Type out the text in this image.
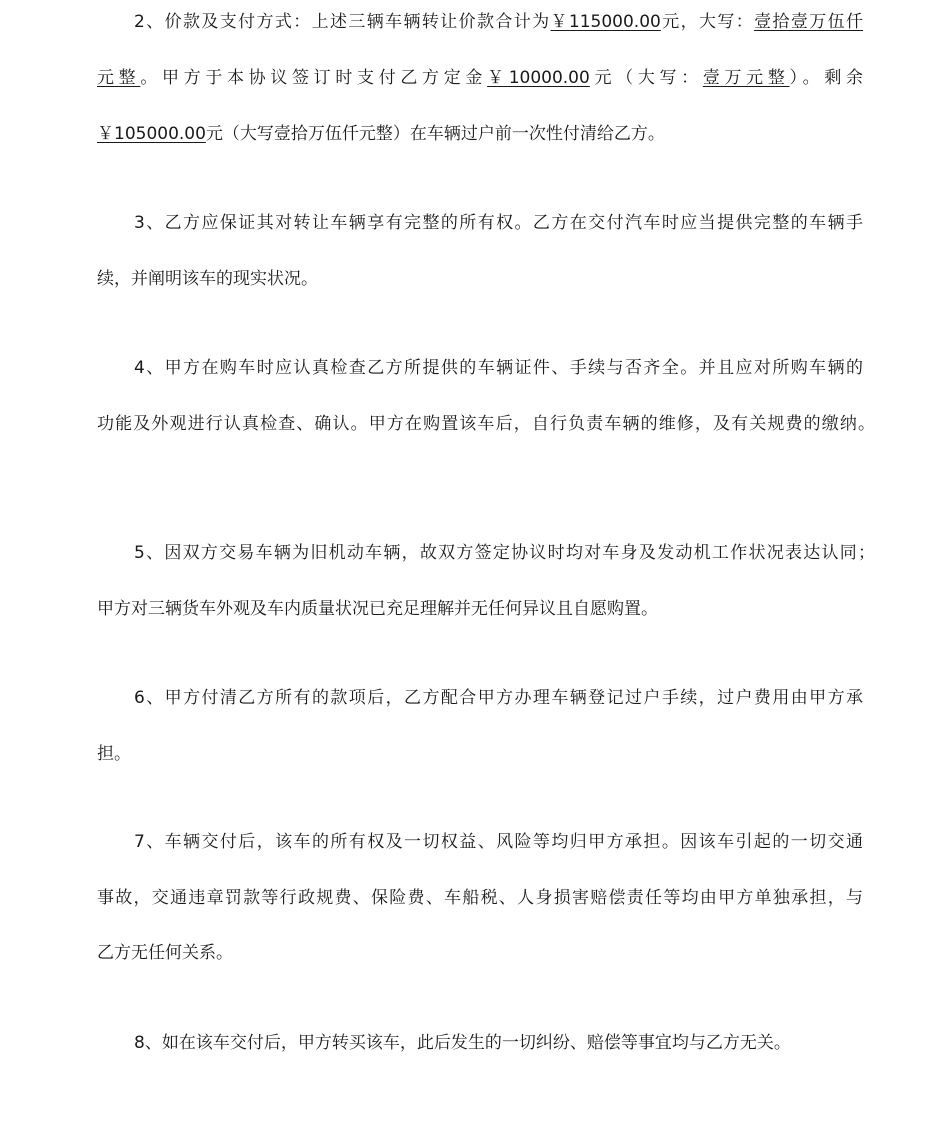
2、价款及支付方式：上述三辆车辆转让价款合计为￥115000.00元，大写：壹拾壹万伍仟
元整。甲方于本协议签订时支付乙方定金￥10000.00元（大写：壹万元整）。剩余
￥105000.00元（大写壹拾万伍仟元整）在车辆过户前一次性付清给乙方。
3、乙方应保证其对转让车辆享有完整的所有权。乙方在交付汽车时应当提供完整的车辆手
续，并阐明该车的现实状况。
4、甲方在购车时应认真检查乙方所提供的车辆证件、手续与否齐全。并且应对所购车辆的
功能及外观进行认真检查、确认。甲方在购置该车后，自行负责车辆的维修，及有关规费的缴纳。
5、因双方交易车辆为旧机动车辆，故双方签定协议时均对车身及发动机工作状况表达认同；
甲方对三辆货车外观及车内质量状况已充足理解并无任何异议且自愿购置。
6、甲方付清乙方所有的款项后，乙方配合甲方办理车辆登记过户手续，过户费用由甲方承
担。
7、车辆交付后，该车的所有权及一切权益、风险等均归甲方承担。因该车引起的一切交通
事故，交通违章罚款等行政规费、保险费、车船税、人身损害赔偿责任等均由甲方单独承担，与
乙方无任何关系。
8、如在该车交付后，甲方转买该车，此后发生的一切纠纷、赔偿等事宜均与乙方无关。
